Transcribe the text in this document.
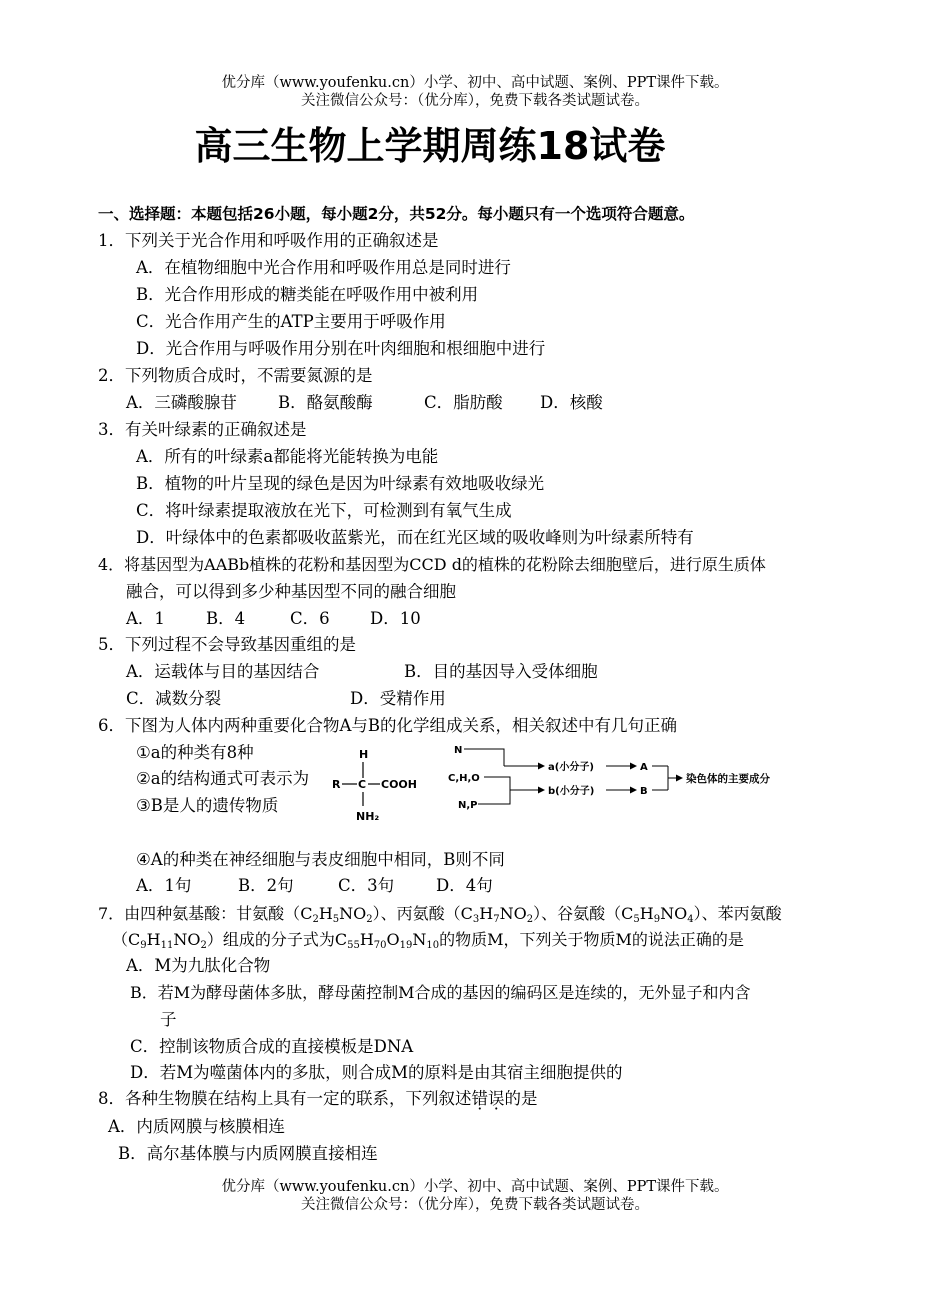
优分库（www.youfenku.cn）小学、初中、高中试题、案例、PPT课件下载。
关注微信公众号：（优分库），免费下载各类试题试卷。
高三生物上学期周练18试卷
一、选择题：本题包括26小题，每小题2分，共52分。每小题只有一个选项符合题意。
1．下列关于光合作用和呼吸作用的正确叙述是
A．在植物细胞中光合作用和呼吸作用总是同时进行
B．光合作用形成的糖类能在呼吸作用中被利用
C．光合作用产生的ATP主要用于呼吸作用
D．光合作用与呼吸作用分别在叶肉细胞和根细胞中进行
2．下列物质合成时，不需要氮源的是
A．三磷酸腺苷 B．酪氨酸酶	C．脂肪酸 D．核酸
3．有关叶绿素的正确叙述是
A．所有的叶绿素a都能将光能转换为电能
B．植物的叶片呈现的绿色是因为叶绿素有效地吸收绿光
C．将叶绿素提取液放在光下，可检测到有氧气生成
D．叶绿体中的色素都吸收蓝紫光，而在红光区域的吸收峰则为叶绿素所特有
4．将基因型为AABb植株的花粉和基因型为CCD d的植株的花粉除去细胞壁后，进行原生质体
融合，可以得到多少种基因型不同的融合细胞
A．1 B．4	C．6 D．10
5．下列过程不会导致基因重组的是
A．运载体与目的基因结合	B．目的基因导入受体细胞
C．减数分裂	D．受精作用
6．下图为人体内两种重要化合物A与B的化学组成关系，相关叙述中有几句正确
①a的种类有8种
②a的结构通式可表示为
③B是人的遗传物质
H
R C COOH
NH₂
N
C,H,O
N,P
a(小分子)
b(小分子)
A
B
染色体的主要成分
④A的种类在神经细胞与表皮细胞中相同，B则不同
A．1句	B．2句	C．3句	D．4句
7．由四种氨基酸：甘氨酸$(C_2H_5NO_2)$、丙氨酸$(C_3H_7NO_2)$、谷氨酸$(C_5H_9NO_4)$、苯丙氨酸
$(C_9H_{11}NO_2)$组成的分子式为$C_{55}H_{70}O_{19}N_{10}$的物质M，下列关于物质M的说法正确的是
A．M为九肽化合物
B．若M为酵母菌体多肽，酵母菌控制M合成的基因的编码区是连续的，无外显子和内含
子
C．控制该物质合成的直接模板是DNA
D．若M为噬菌体内的多肽，则合成M的原料是由其宿主细胞提供的
8．各种生物膜在结构上具有一定的联系，下列叙述错误的是
A．内质网膜与核膜相连
B．高尔基体膜与内质网膜直接相连
优分库（www.youfenku.cn）小学、初中、高中试题、案例、PPT课件下载。
关注微信公众号：（优分库），免费下载各类试题试卷。
